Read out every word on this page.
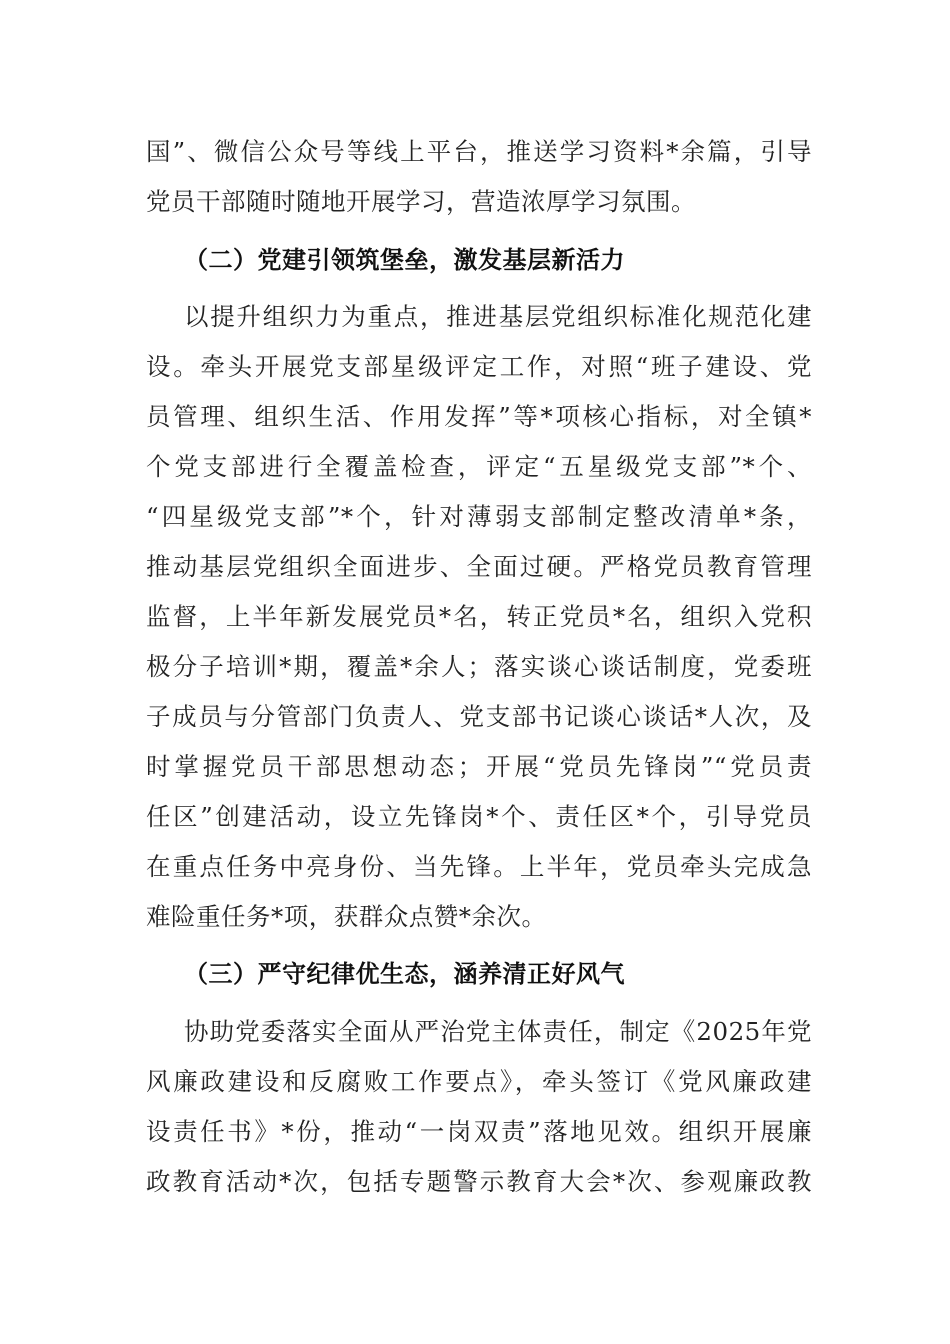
国”、微信公众号等线上平台，推送学习资料*余篇，引导

党员干部随时随地开展学习，营造浓厚学习氛围。

（二）党建引领筑堡垒，激发基层新活力

以提升组织力为重点，推进基层党组织标准化规范化建

设。牵头开展党支部星级评定工作，对照“班子建设、党

员管理、组织生活、作用发挥”等*项核心指标，对全镇*

个党支部进行全覆盖检查，评定“五星级党支部”*个、

“四星级党支部”*个，针对薄弱支部制定整改清单*条，

推动基层党组织全面进步、全面过硬。严格党员教育管理

监督，上半年新发展党员*名，转正党员*名，组织入党积

极分子培训*期，覆盖*余人；落实谈心谈话制度，党委班

子成员与分管部门负责人、党支部书记谈心谈话*人次，及

时掌握党员干部思想动态；开展“党员先锋岗”“党员责

任区”创建活动，设立先锋岗*个、责任区*个，引导党员

在重点任务中亮身份、当先锋。上半年，党员牵头完成急

难险重任务*项，获群众点赞*余次。

（三）严守纪律优生态，涵养清正好风气

协助党委落实全面从严治党主体责任，制定《2025年党

风廉政建设和反腐败工作要点》，牵头签订《党风廉政建

设责任书》*份，推动“一岗双责”落地见效。组织开展廉

政教育活动*次，包括专题警示教育大会*次、参观廉政教
